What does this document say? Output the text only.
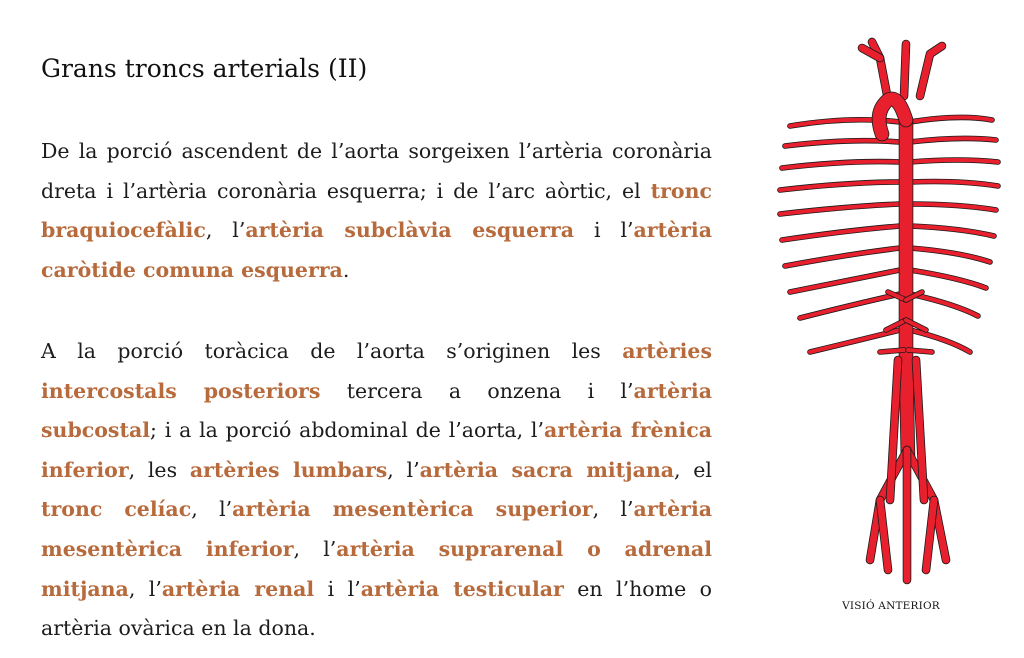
Grans troncs arterials (II)

De la porció ascendent de l’aorta sorgeixen l’artèria coronària dreta i l’artèria coronària esquerra; i de l’arc aòrtic, el tronc braquiocefàlic, l’artèria subclàvia esquerra i l’artèria caròtide comuna esquerra.

A la porció toràcica de l’aorta s’originen les artèries intercostals posteriors tercera a onzena i l’artèria subcostal; i a la porció abdominal de l’aorta, l’artèria frènica inferior, les artèries lumbars, l’artèria sacra mitjana, el tronc celíac, l’artèria mesentèrica superior, l’artèria mesentèrica inferior, l’artèria suprarenal o adrenal mitjana, l’artèria renal i l’artèria testicular en l’home o artèria ovàrica en la dona.

VISIÓ ANTERIOR
